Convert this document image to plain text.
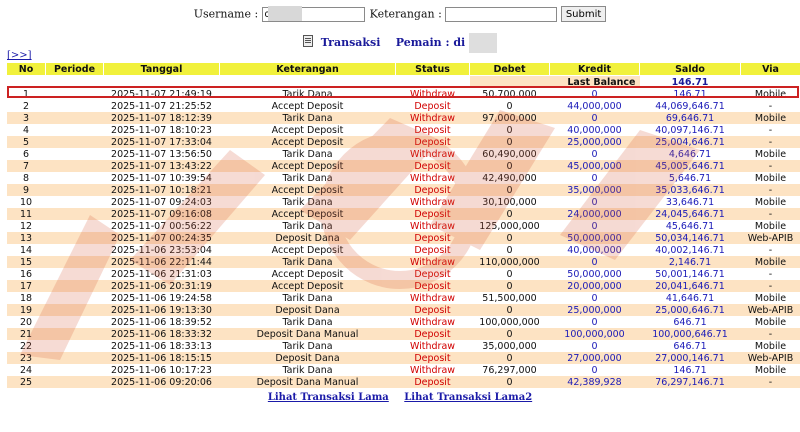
Username : c	Keterangan :	Submit
Transaksi Pemain : di
[>>]
No	Periode	Tanggal	Keterangan	Status	Debet	Kredit	Saldo	Via
					Last Balance		146.71	
1		2025-11-07 21:49:19	Tarik Dana	Withdraw	50,700,000	0	146.71	Mobile
2		2025-11-07 21:25:52	Accept Deposit	Deposit	0	44,000,000	44,069,646.71	-
3		2025-11-07 18:12:39	Tarik Dana	Withdraw	97,000,000	0	69,646.71	Mobile
4		2025-11-07 18:10:23	Accept Deposit	Deposit	0	40,000,000	40,097,146.71	-
5		2025-11-07 17:33:04	Accept Deposit	Deposit	0	25,000,000	25,004,646.71	-
6		2025-11-07 13:56:50	Tarik Dana	Withdraw	60,490,000	0	4,646.71	Mobile
7		2025-11-07 13:43:22	Accept Deposit	Deposit	0	45,000,000	45,005,646.71	-
8		2025-11-07 10:39:54	Tarik Dana	Withdraw	42,490,000	0	5,646.71	Mobile
9		2025-11-07 10:18:21	Accept Deposit	Deposit	0	35,000,000	35,033,646.71	-
10		2025-11-07 09:24:03	Tarik Dana	Withdraw	30,100,000	0	33,646.71	Mobile
11		2025-11-07 09:16:08	Accept Deposit	Deposit	0	24,000,000	24,045,646.71	-
12		2025-11-07 00:56:22	Tarik Dana	Withdraw	125,000,000	0	45,646.71	Mobile
13		2025-11-07 00:24:35	Deposit Dana	Deposit	0	50,000,000	50,034,146.71	Web-APIB
14		2025-11-06 23:53:04	Accept Deposit	Deposit	0	40,000,000	40,002,146.71	-
15		2025-11-06 22:11:44	Tarik Dana	Withdraw	110,000,000	0	2,146.71	Mobile
16		2025-11-06 21:31:03	Accept Deposit	Deposit	0	50,000,000	50,001,146.71	-
17		2025-11-06 20:31:19	Accept Deposit	Deposit	0	20,000,000	20,041,646.71	-
18		2025-11-06 19:24:58	Tarik Dana	Withdraw	51,500,000	0	41,646.71	Mobile
19		2025-11-06 19:13:30	Deposit Dana	Deposit	0	25,000,000	25,000,646.71	Web-APIB
20		2025-11-06 18:39:52	Tarik Dana	Withdraw	100,000,000	0	646.71	Mobile
21		2025-11-06 18:33:32	Deposit Dana Manual	Deposit	0	100,000,000	100,000,646.71	-
22		2025-11-06 18:33:13	Tarik Dana	Withdraw	35,000,000	0	646.71	Mobile
23		2025-11-06 18:15:15	Deposit Dana	Deposit	0	27,000,000	27,000,146.71	Web-APIB
24		2025-11-06 10:17:23	Tarik Dana	Withdraw	76,297,000	0	146.71	Mobile
25		2025-11-06 09:20:06	Deposit Dana Manual	Deposit	0	42,389,928	76,297,146.71	-
Lihat Transaksi Lama Lihat Transaksi Lama2
